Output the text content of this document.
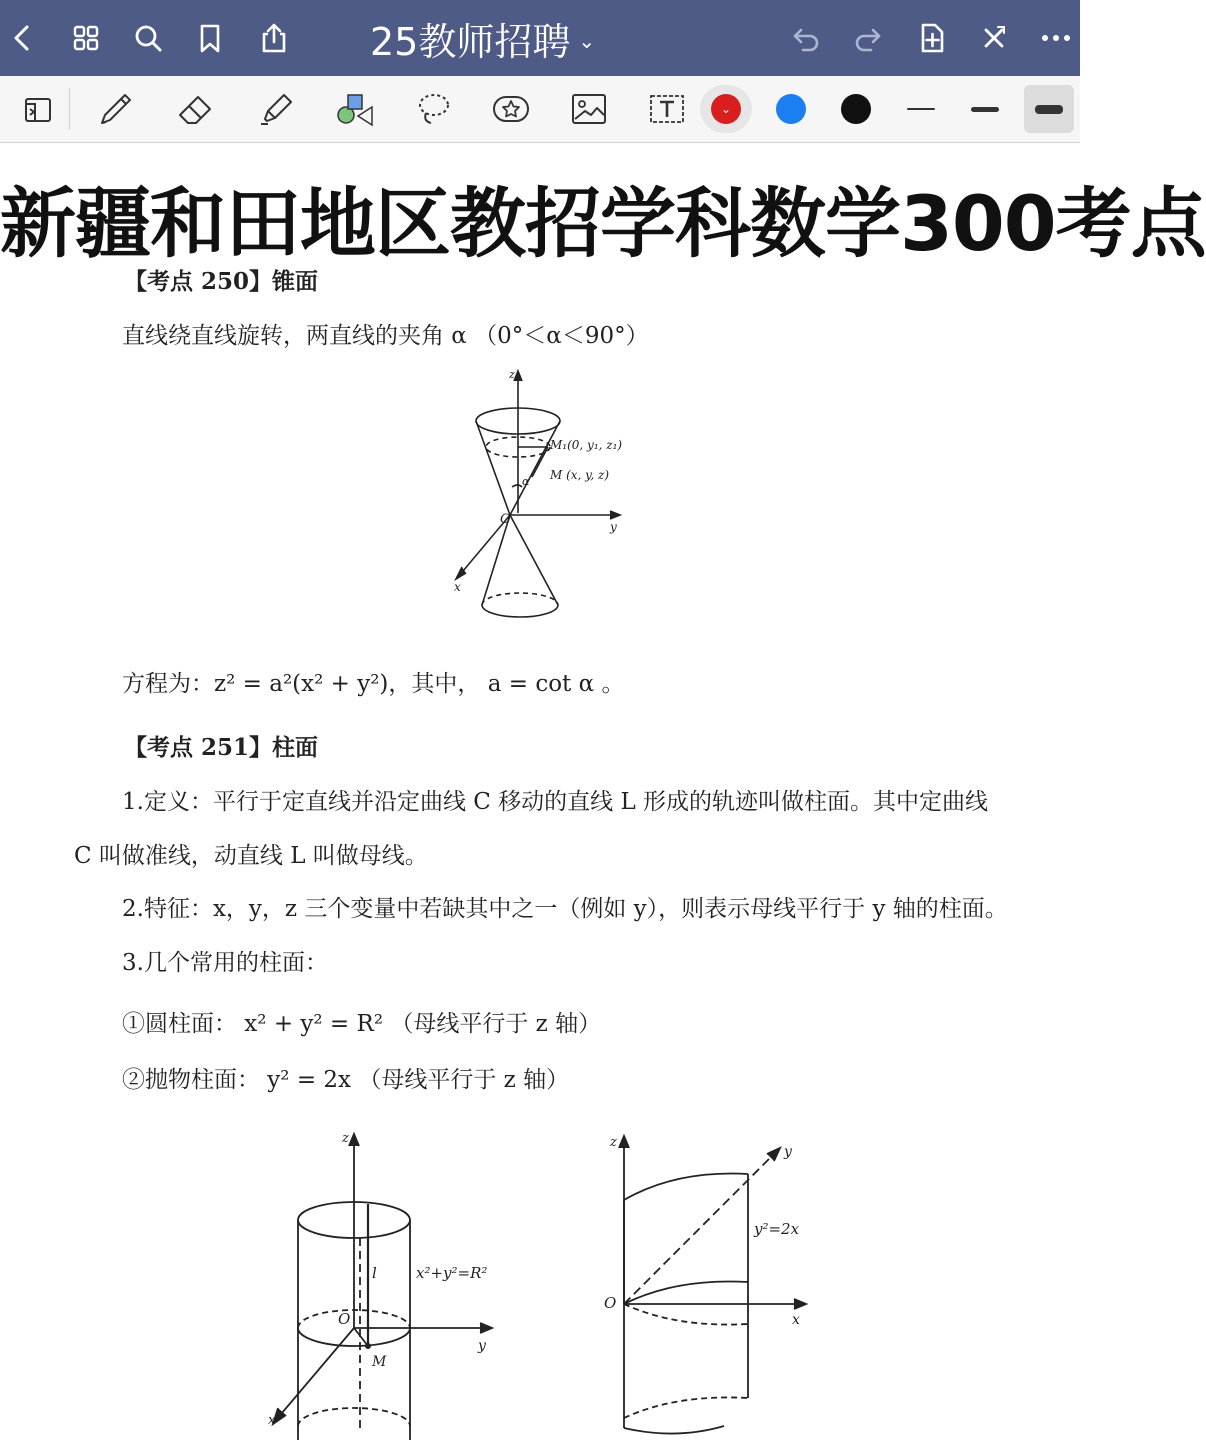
25教师招聘 ⌄
⌄
新疆和田地区教招学科数学300考点
【考点 250】锥面
直线绕直线旋转，两直线的夹角 α （0°＜α＜90°）
z
M₁(0, y₁, z₁)
M (x, y, z)
α
O	y
x
方程为：z² = a²(x² + y²)，其中， a = cot α 。
【考点 251】柱面
1.定义：平行于定直线并沿定曲线 C 移动的直线 L 形成的轨迹叫做柱面。其中定曲线
C 叫做准线，动直线 L 叫做母线。
2.特征：x，y，z 三个变量中若缺其中之一（例如 y），则表示母线平行于 y 轴的柱面。
3.几个常用的柱面：
①圆柱面： x² + y² = R² （母线平行于 z 轴）
②抛物柱面： y² = 2x （母线平行于 z 轴）
z
x²+y²=R²
l
O
M
y
x
z
y
y²=2x
O
x
